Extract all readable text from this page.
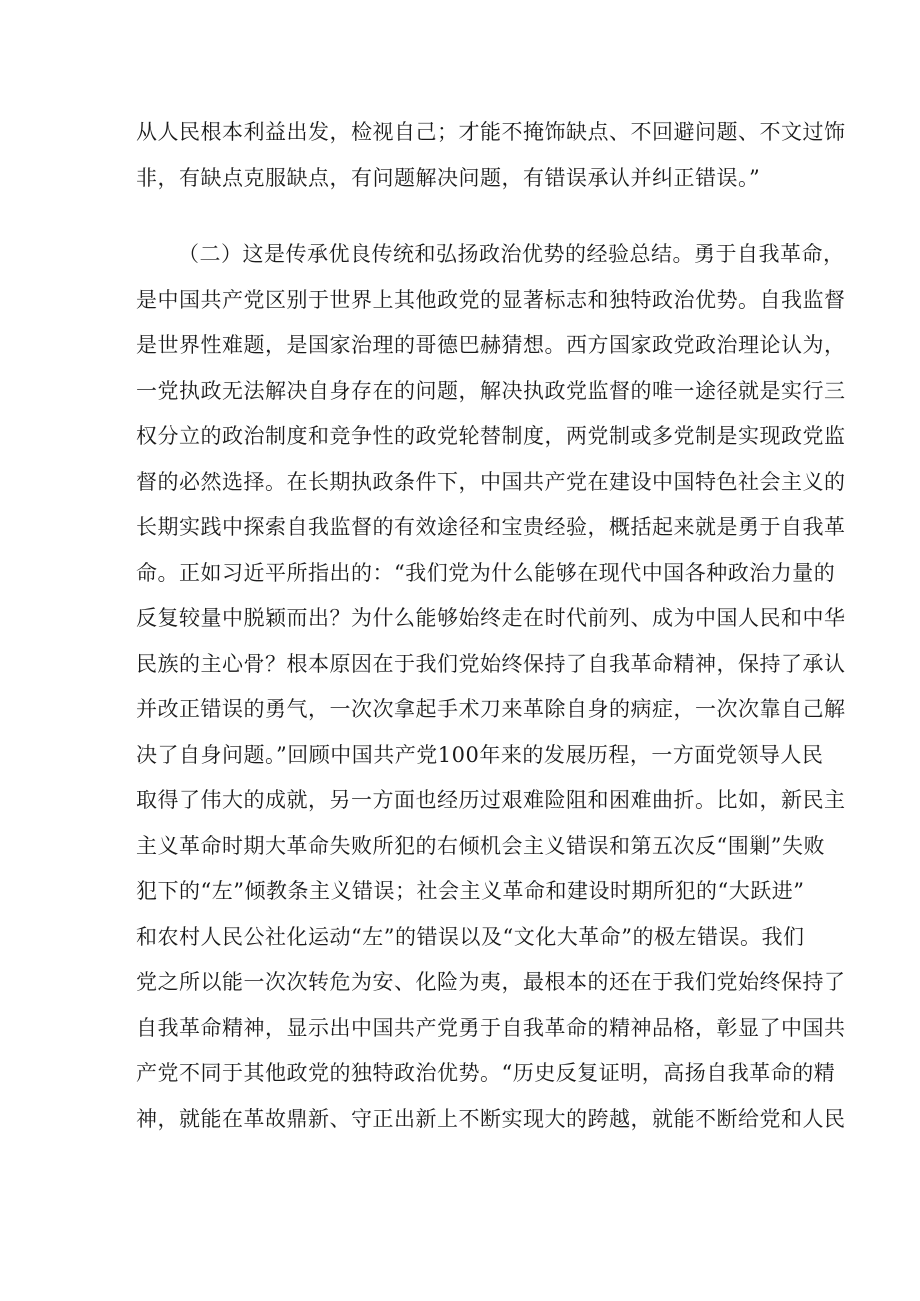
从人民根本利益出发，检视自己；才能不掩饰缺点、不回避问题、不文过饰
非，有缺点克服缺点，有问题解决问题，有错误承认并纠正错误。”
（二）这是传承优良传统和弘扬政治优势的经验总结。勇于自我革命，
是中国共产党区别于世界上其他政党的显著标志和独特政治优势。自我监督
是世界性难题，是国家治理的哥德巴赫猜想。西方国家政党政治理论认为，
一党执政无法解决自身存在的问题，解决执政党监督的唯一途径就是实行三
权分立的政治制度和竞争性的政党轮替制度，两党制或多党制是实现政党监
督的必然选择。在长期执政条件下，中国共产党在建设中国特色社会主义的
长期实践中探索自我监督的有效途径和宝贵经验，概括起来就是勇于自我革
命。正如习近平所指出的：“我们党为什么能够在现代中国各种政治力量的
反复较量中脱颖而出？为什么能够始终走在时代前列、成为中国人民和中华
民族的主心骨？根本原因在于我们党始终保持了自我革命精神，保持了承认
并改正错误的勇气，一次次拿起手术刀来革除自身的病症，一次次靠自己解
决了自身问题。”回顾中国共产党100年来的发展历程，一方面党领导人民
取得了伟大的成就，另一方面也经历过艰难险阻和困难曲折。比如，新民主
主义革命时期大革命失败所犯的右倾机会主义错误和第五次反“围剿”失败
犯下的“左”倾教条主义错误；社会主义革命和建设时期所犯的“大跃进”
和农村人民公社化运动“左”的错误以及“文化大革命”的极左错误。我们
党之所以能一次次转危为安、化险为夷，最根本的还在于我们党始终保持了
自我革命精神，显示出中国共产党勇于自我革命的精神品格，彰显了中国共
产党不同于其他政党的独特政治优势。“历史反复证明，高扬自我革命的精
神，就能在革故鼎新、守正出新上不断实现大的跨越，就能不断给党和人民
